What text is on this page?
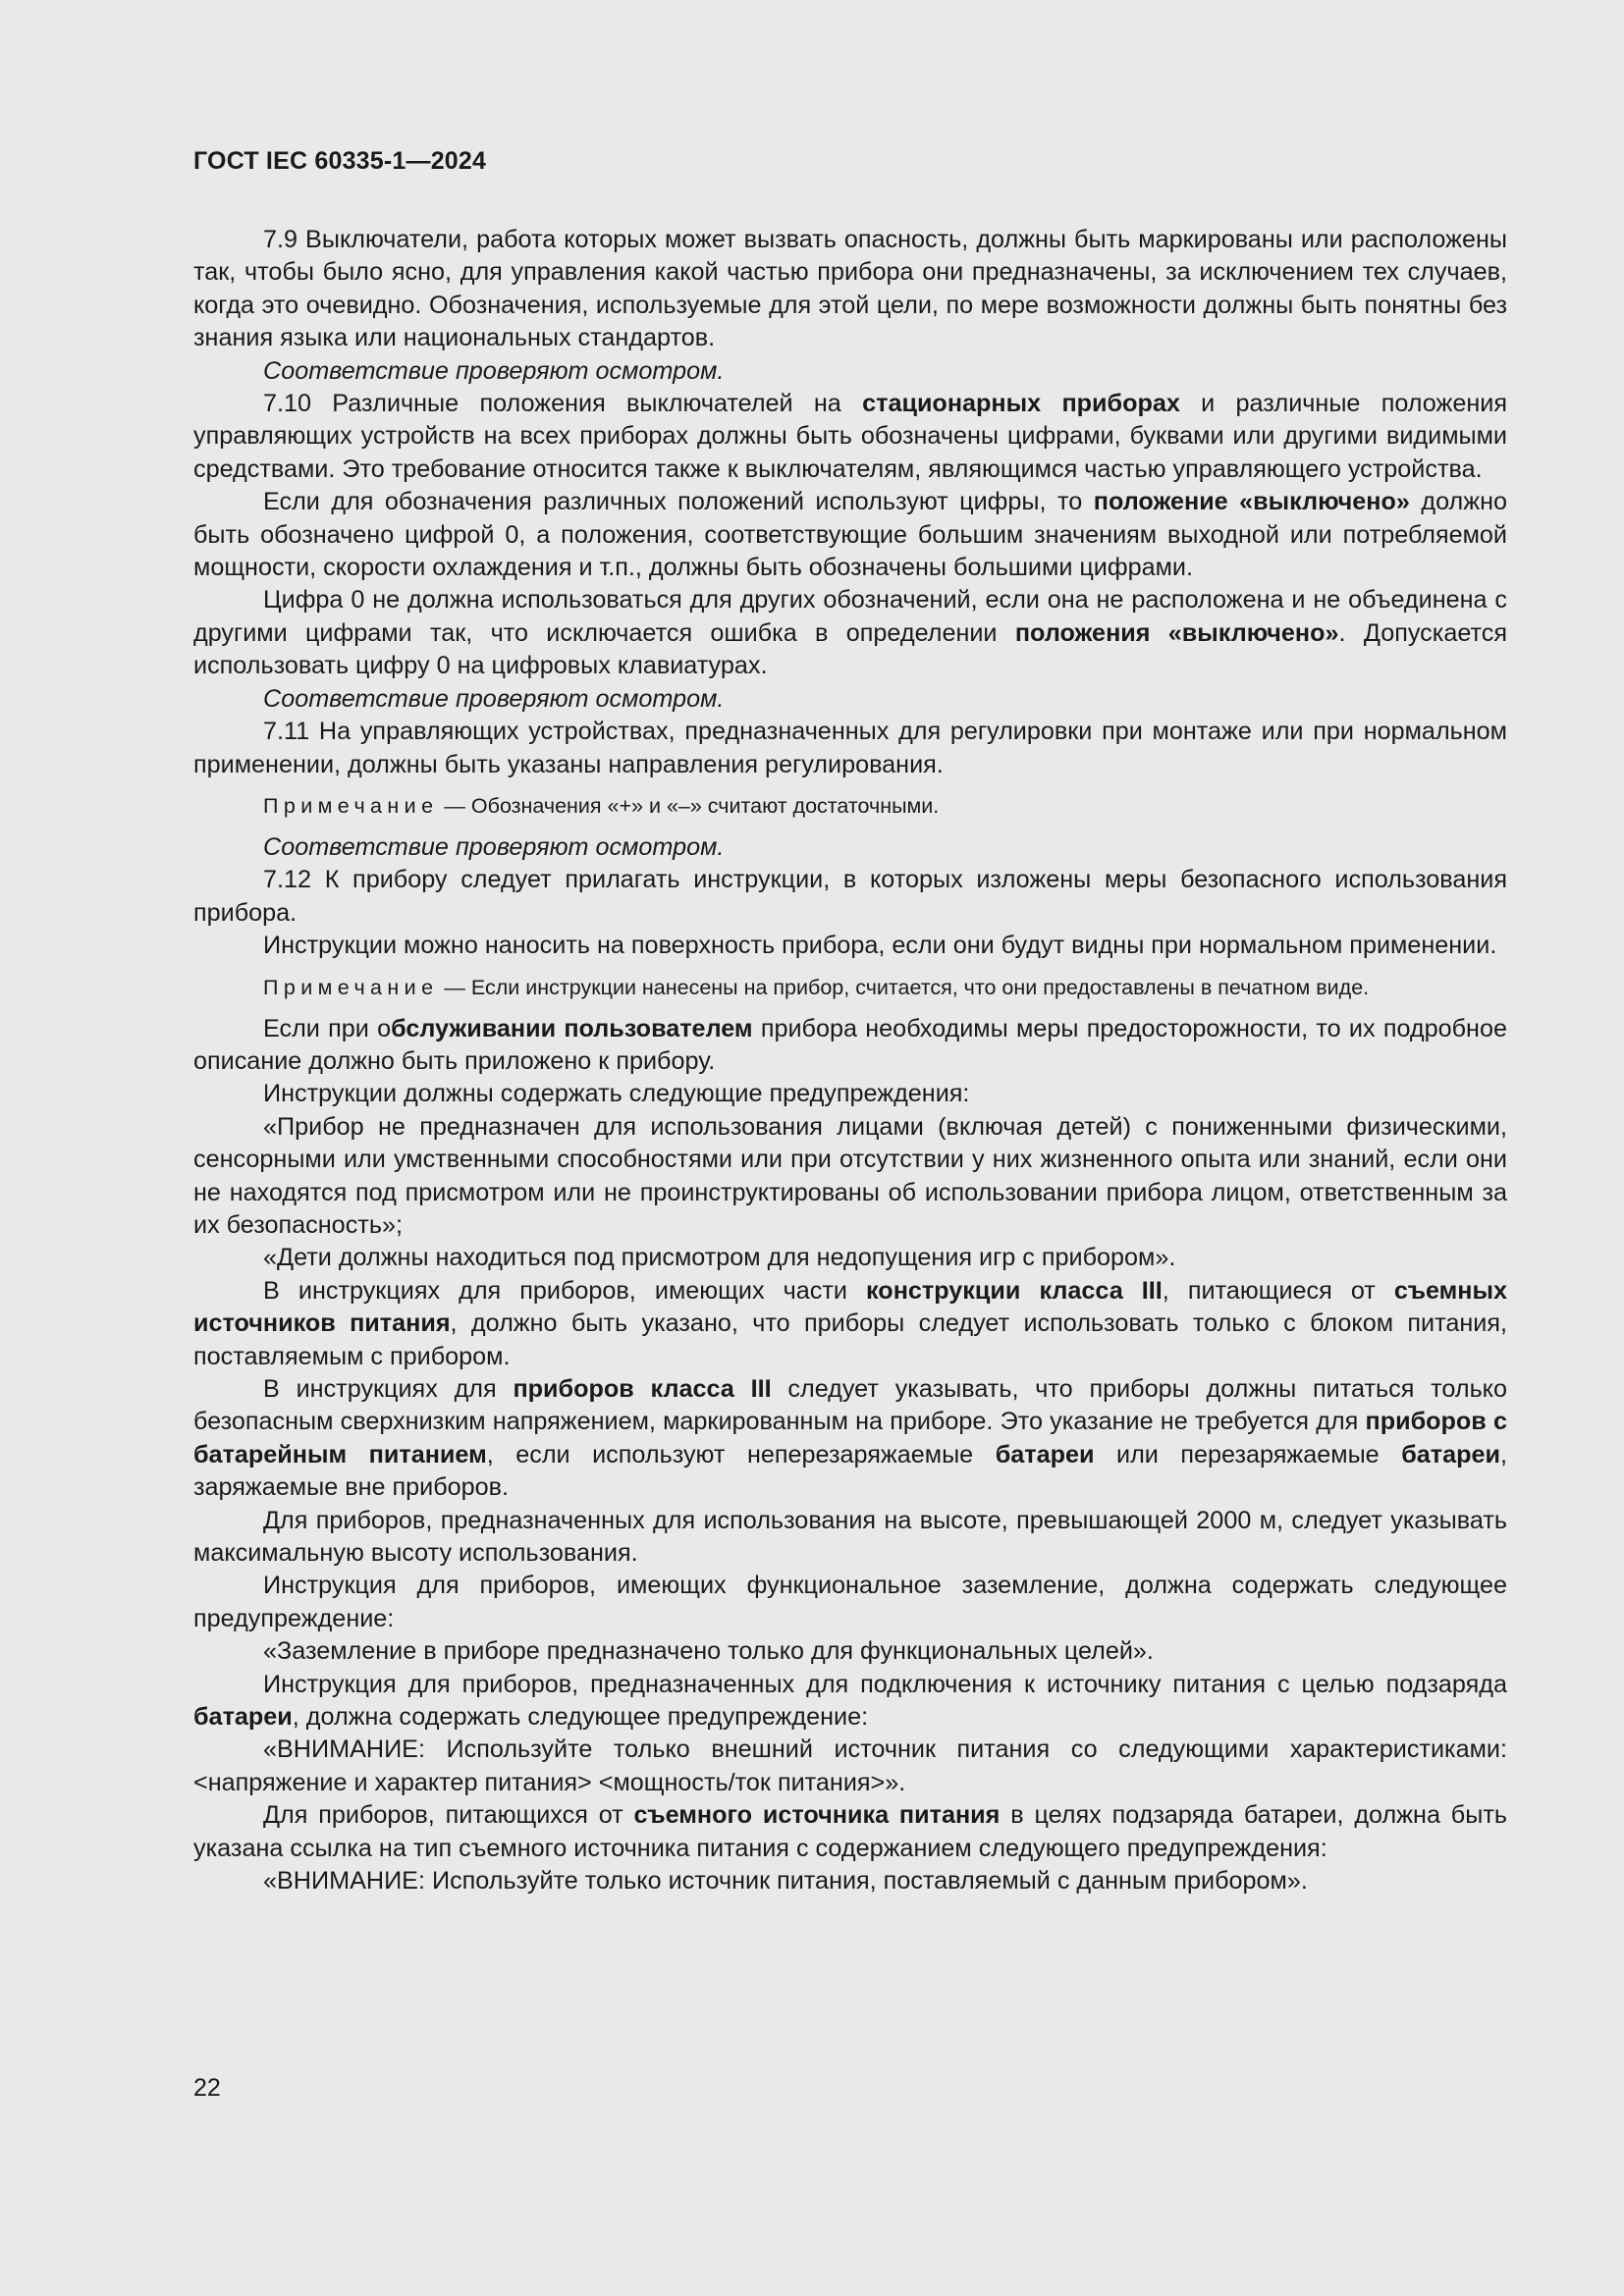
ГОСТ IEC 60335-1—2024

7.9 Выключатели, работа которых может вызвать опасность, должны быть маркированы или расположены так, чтобы было ясно, для управления какой частью прибора они предназначены, за исключением тех случаев, когда это очевидно. Обозначения, используемые для этой цели, по мере возможности должны быть понятны без знания языка или национальных стандартов.

Соответствие проверяют осмотром.

7.10 Различные положения выключателей на стационарных приборах и различные положения управляющих устройств на всех приборах должны быть обозначены цифрами, буквами или другими видимыми средствами. Это требование относится также к выключателям, являющимся частью управляющего устройства.

Если для обозначения различных положений используют цифры, то положение «выключено» должно быть обозначено цифрой 0, а положения, соответствующие большим значениям выходной или потребляемой мощности, скорости охлаждения и т.п., должны быть обозначены большими цифрами.

Цифра 0 не должна использоваться для других обозначений, если она не расположена и не объединена с другими цифрами так, что исключается ошибка в определении положения «выключено». Допускается использовать цифру 0 на цифровых клавиатурах.

Соответствие проверяют осмотром.

7.11 На управляющих устройствах, предназначенных для регулировки при монтаже или при нормальном применении, должны быть указаны направления регулирования.

Примечание — Обозначения «+» и «–» считают достаточными.

Соответствие проверяют осмотром.

7.12 К прибору следует прилагать инструкции, в которых изложены меры безопасного использования прибора.

Инструкции можно наносить на поверхность прибора, если они будут видны при нормальном применении.

Примечание — Если инструкции нанесены на прибор, считается, что они предоставлены в печатном виде.

Если при обслуживании пользователем прибора необходимы меры предосторожности, то их подробное описание должно быть приложено к прибору.

Инструкции должны содержать следующие предупреждения:

«Прибор не предназначен для использования лицами (включая детей) с пониженными физическими, сенсорными или умственными способностями или при отсутствии у них жизненного опыта или знаний, если они не находятся под присмотром или не проинструктированы об использовании прибора лицом, ответственным за их безопасность»;

«Дети должны находиться под присмотром для недопущения игр с прибором».

В инструкциях для приборов, имеющих части конструкции класса III, питающиеся от съемных источников питания, должно быть указано, что приборы следует использовать только с блоком питания, поставляемым с прибором.

В инструкциях для приборов класса III следует указывать, что приборы должны питаться только безопасным сверхнизким напряжением, маркированным на приборе. Это указание не требуется для приборов с батарейным питанием, если используют неперезаряжаемые батареи или перезаряжаемые батареи, заряжаемые вне приборов.

Для приборов, предназначенных для использования на высоте, превышающей 2000 м, следует указывать максимальную высоту использования.

Инструкция для приборов, имеющих функциональное заземление, должна содержать следующее предупреждение:

«Заземление в приборе предназначено только для функциональных целей».

Инструкция для приборов, предназначенных для подключения к источнику питания с целью подзаряда батареи, должна содержать следующее предупреждение:

«ВНИМАНИЕ: Используйте только внешний источник питания со следующими характеристиками: <напряжение и характер питания> <мощность/ток питания>».

Для приборов, питающихся от съемного источника питания в целях подзаряда батареи, должна быть указана ссылка на тип съемного источника питания с содержанием следующего предупреждения:

«ВНИМАНИЕ: Используйте только источник питания, поставляемый с данным прибором».

22
